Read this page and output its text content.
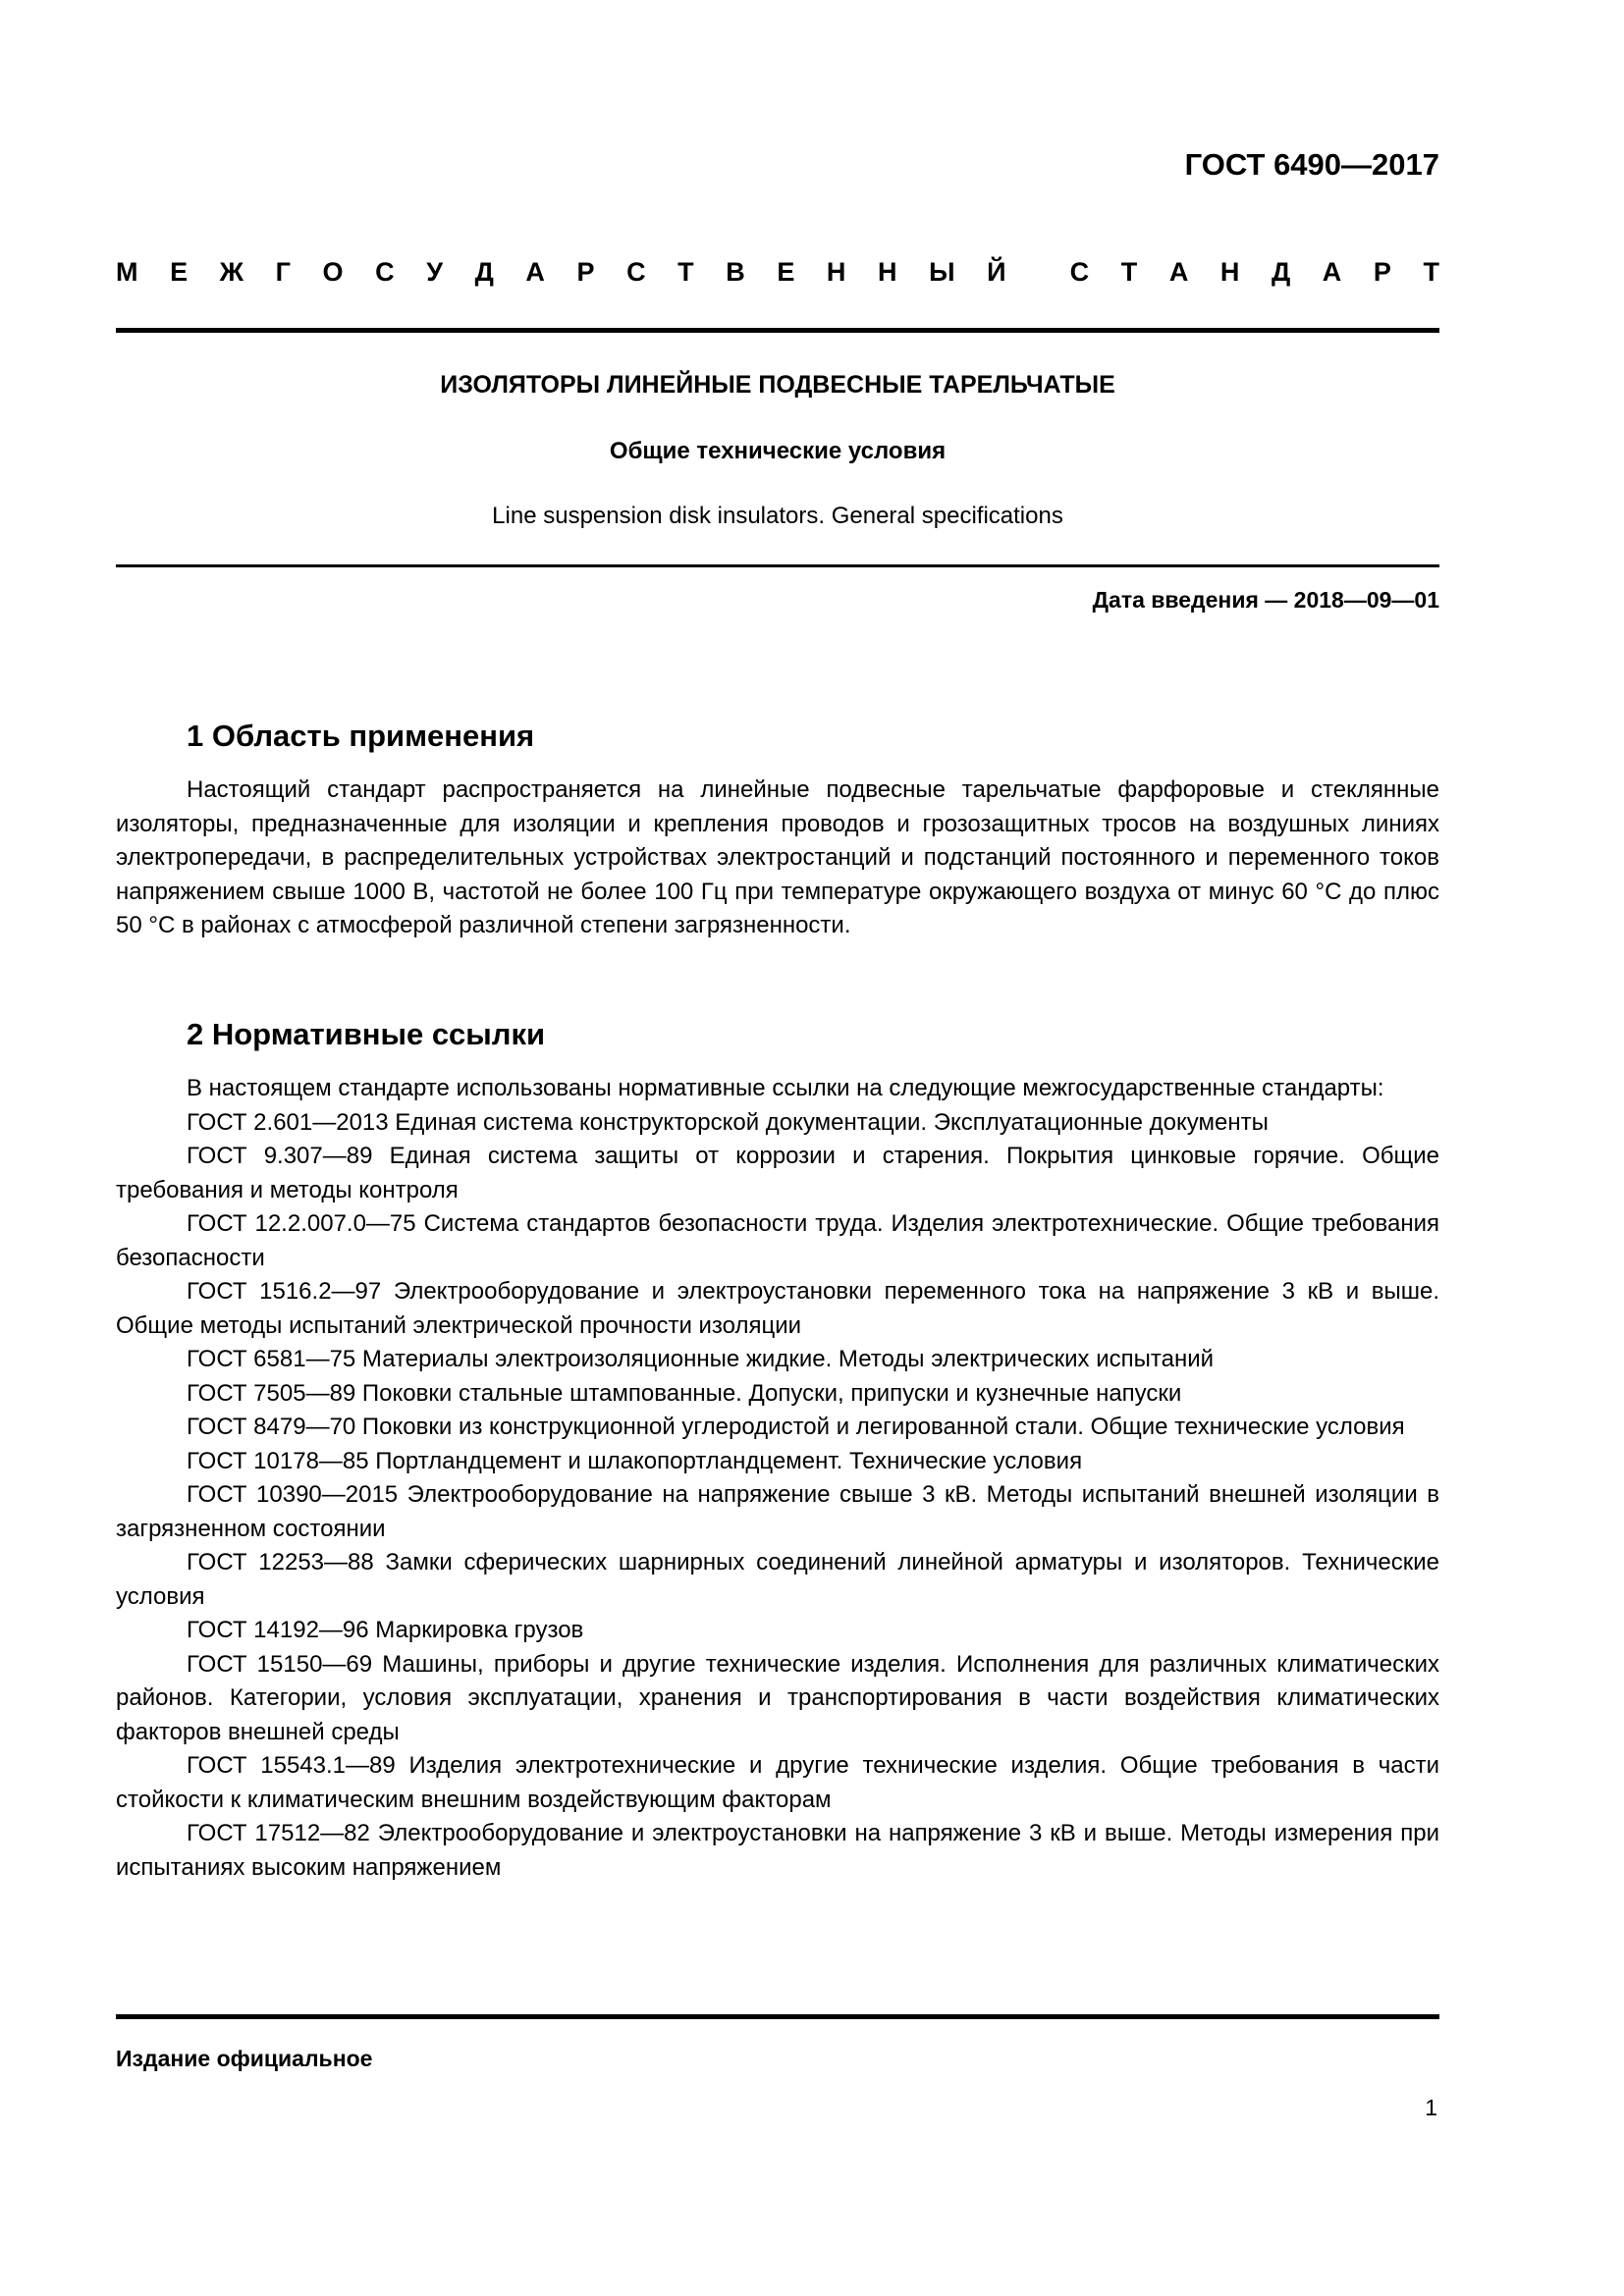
ГОСТ 6490—2017
М Е Ж Г О С У Д А Р С Т В Е Н Н Ы Й С Т А Н Д А Р Т
ИЗОЛЯТОРЫ ЛИНЕЙНЫЕ ПОДВЕСНЫЕ ТАРЕЛЬЧАТЫЕ
Общие технические условия
Line suspension disk insulators. General specifications
Дата введения — 2018—09—01
1 Область применения

Настоящий стандарт распространяется на линейные подвесные тарельчатые фарфоровые и стеклянные изоляторы, предназначенные для изоляции и крепления проводов и грозозащитных тросов на воздушных линиях электропередачи, в распределительных устройствах электростанций и подстанций постоянного и переменного токов напряжением свыше 1000 В, частотой не более 100 Гц при температуре окружающего воздуха от минус 60 °С до плюс 50 °С в районах с атмосферой различной степени загрязненности.

2 Нормативные ссылки

В настоящем стандарте использованы нормативные ссылки на следующие межгосударственные стандарты:

ГОСТ 2.601—2013 Единая система конструкторской документации. Эксплуатационные документы

ГОСТ 9.307—89 Единая система защиты от коррозии и старения. Покрытия цинковые горячие. Общие требования и методы контроля

ГОСТ 12.2.007.0—75 Система стандартов безопасности труда. Изделия электротехнические. Общие требования безопасности

ГОСТ 1516.2—97 Электрооборудование и электроустановки переменного тока на напряжение 3 кВ и выше. Общие методы испытаний электрической прочности изоляции

ГОСТ 6581—75 Материалы электроизоляционные жидкие. Методы электрических испытаний

ГОСТ 7505—89 Поковки стальные штампованные. Допуски, припуски и кузнечные напуски

ГОСТ 8479—70 Поковки из конструкционной углеродистой и легированной стали. Общие технические условия

ГОСТ 10178—85 Портландцемент и шлакопортландцемент. Технические условия

ГОСТ 10390—2015 Электрооборудование на напряжение свыше 3 кВ. Методы испытаний внешней изоляции в загрязненном состоянии

ГОСТ 12253—88 Замки сферических шарнирных соединений линейной арматуры и изоляторов. Технические условия

ГОСТ 14192—96 Маркировка грузов

ГОСТ 15150—69 Машины, приборы и другие технические изделия. Исполнения для различных климатических районов. Категории, условия эксплуатации, хранения и транспортирования в части воздействия климатических факторов внешней среды

ГОСТ 15543.1—89 Изделия электротехнические и другие технические изделия. Общие требования в части стойкости к климатическим внешним воздействующим факторам

ГОСТ 17512—82 Электрооборудование и электроустановки на напряжение 3 кВ и выше. Методы измерения при испытаниях высоким напряжением

Издание официальное
1
